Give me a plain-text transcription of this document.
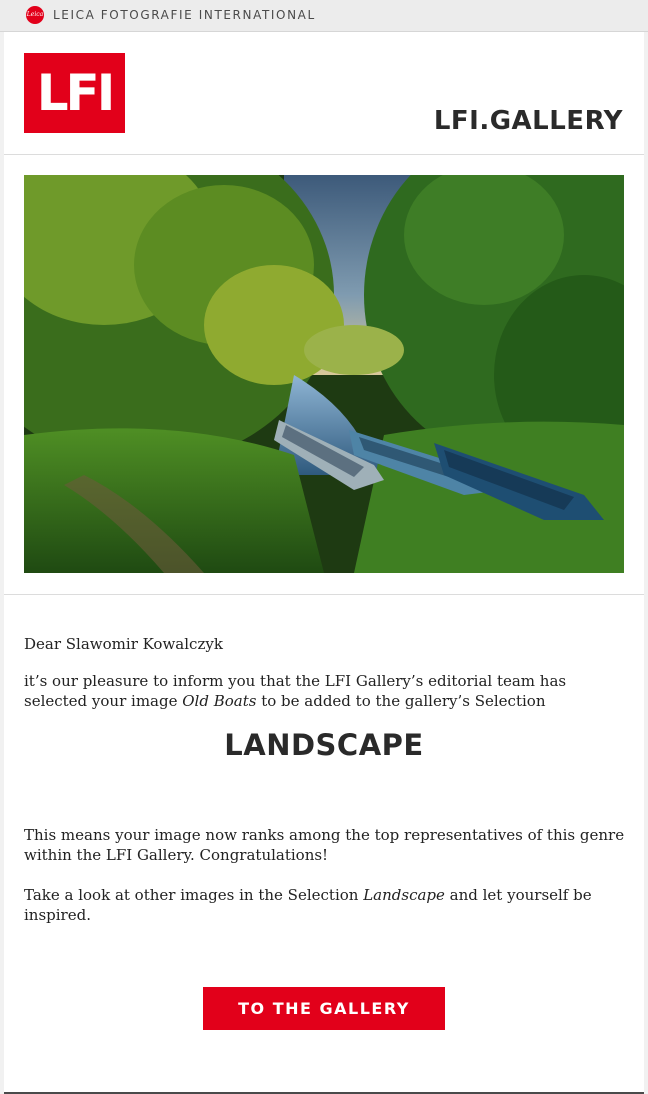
Leica LEICA FOTOGRAFIE INTERNATIONAL
LFI	LFI.GALLERY
Dear Slawomir Kowalczyk
it’s our pleasure to inform you that the LFI Gallery’s editorial team has selected your image Old Boats to be added to the gallery’s Selection
LANDSCAPE
This means your image now ranks among the top representatives of this genre within the LFI Gallery. Congratulations!
Take a look at other images in the Selection Landscape and let yourself be inspired.
TO THE GALLERY
